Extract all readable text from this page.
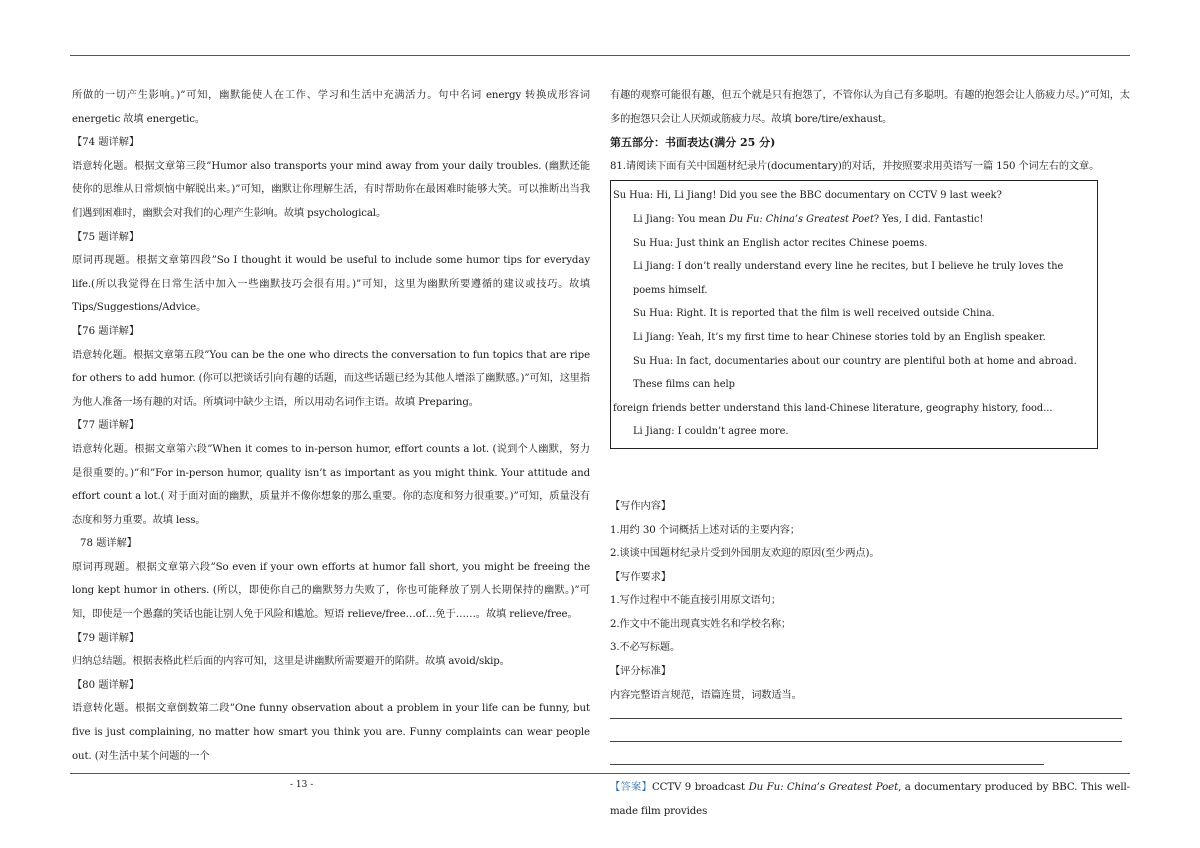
所做的一切产生影响。)”可知，幽默能使人在工作、学习和生活中充满活力。句中名词 energy 转换成形容词 energetic 故填 energetic。

【74 题详解】

语意转化题。根据文章第三段”Humor also transports your mind away from your daily troubles. (幽默还能使你的思维从日常烦恼中解脱出来。)”可知，幽默让你理解生活，有时帮助你在最困难时能够大笑。可以推断出当我们遇到困难时，幽默会对我们的心理产生影响。故填 psychological。

【75 题详解】

原词再现题。根据文章第四段”So I thought it would be useful to include some humor tips for everyday life.(所以我觉得在日常生活中加入一些幽默技巧会很有用。)”可知，这里为幽默所要遵循的建议或技巧。故填 Tips/Suggestions/Advice。

【76 题详解】

语意转化题。根据文章第五段”You can be the one who directs the conversation to fun topics that are ripe for others to add humor. (你可以把谈话引向有趣的话题，而这些话题已经为其他人增添了幽默感。)”可知，这里指为他人准备一场有趣的对话。所填词中缺少主语，所以用动名词作主语。故填 Preparing。

【77 题详解】

语意转化题。根据文章第六段”When it comes to in-person humor, effort counts a lot. (说到个人幽默，努力是很重要的。)”和”For in-person humor, quality isn’t as important as you might think. Your attitude and effort count a lot.( 对于面对面的幽默，质量并不像你想象的那么重要。你的态度和努力很重要。)”可知，质量没有态度和努力重要。故填 less。

78 题详解】

原词再现题。根据文章第六段”So even if your own efforts at humor fall short, you might be freeing the long kept humor in others. (所以，即使你自己的幽默努力失败了，你也可能释放了别人长期保持的幽默。)”可知，即使是一个愚蠢的笑话也能让别人免于风险和尴尬。短语 relieve/free…of…免于……。故填 relieve/free。

【79 题详解】

归纳总结题。根据表格此栏后面的内容可知，这里是讲幽默所需要避开的陷阱。故填 avoid/skip。

【80 题详解】

语意转化题。根据文章倒数第二段”One funny observation about a problem in your life can be funny, but five is just complaining, no matter how smart you think you are. Funny complaints can wear people out. (对生活中某个问题的一个

有趣的观察可能很有趣，但五个就是只有抱怨了，不管你认为自己有多聪明。有趣的抱怨会让人筋疲力尽。)”可知，太多的抱怨只会让人厌烦或筋疲力尽。故填 bore/tire/exhaust。

第五部分：书面表达(满分 25 分)

81.请阅读下面有关中国题材纪录片(documentary)的对话，并按照要求用英语写一篇 150 个词左右的文章。

Su Hua: Hi, Li Jiang! Did you see the BBC documentary on CCTV 9 last week?

Li Jiang: You mean Du Fu: China’s Greatest Poet? Yes, I did. Fantastic!

Su Hua: Just think an English actor recites Chinese poems.

Li Jiang: I don’t really understand every line he recites, but I believe he truly loves the poems himself.

Su Hua: Right. It is reported that the film is well received outside China.

Li Jiang: Yeah, It’s my first time to hear Chinese stories told by an English speaker.

Su Hua: In fact, documentaries about our country are plentiful both at home and abroad. These films can help

foreign friends better understand this land-Chinese literature, geography history, food...

Li Jiang: I couldn’t agree more.

【写作内容】

1.用约 30 个词概括上述对话的主要内容；

2.谈谈中国题材纪录片受到外国朋友欢迎的原因(至少两点)。

【写作要求】

1.写作过程中不能直接引用原文语句；

2.作文中不能出现真实姓名和学校名称；

3.不必写标题。

【评分标准】

内容完整语言规范，语篇连贯，词数适当。

【答案】CCTV 9 broadcast Du Fu: China’s Greatest Poet, a documentary produced by BBC. This well-made film provides

- 13 -
